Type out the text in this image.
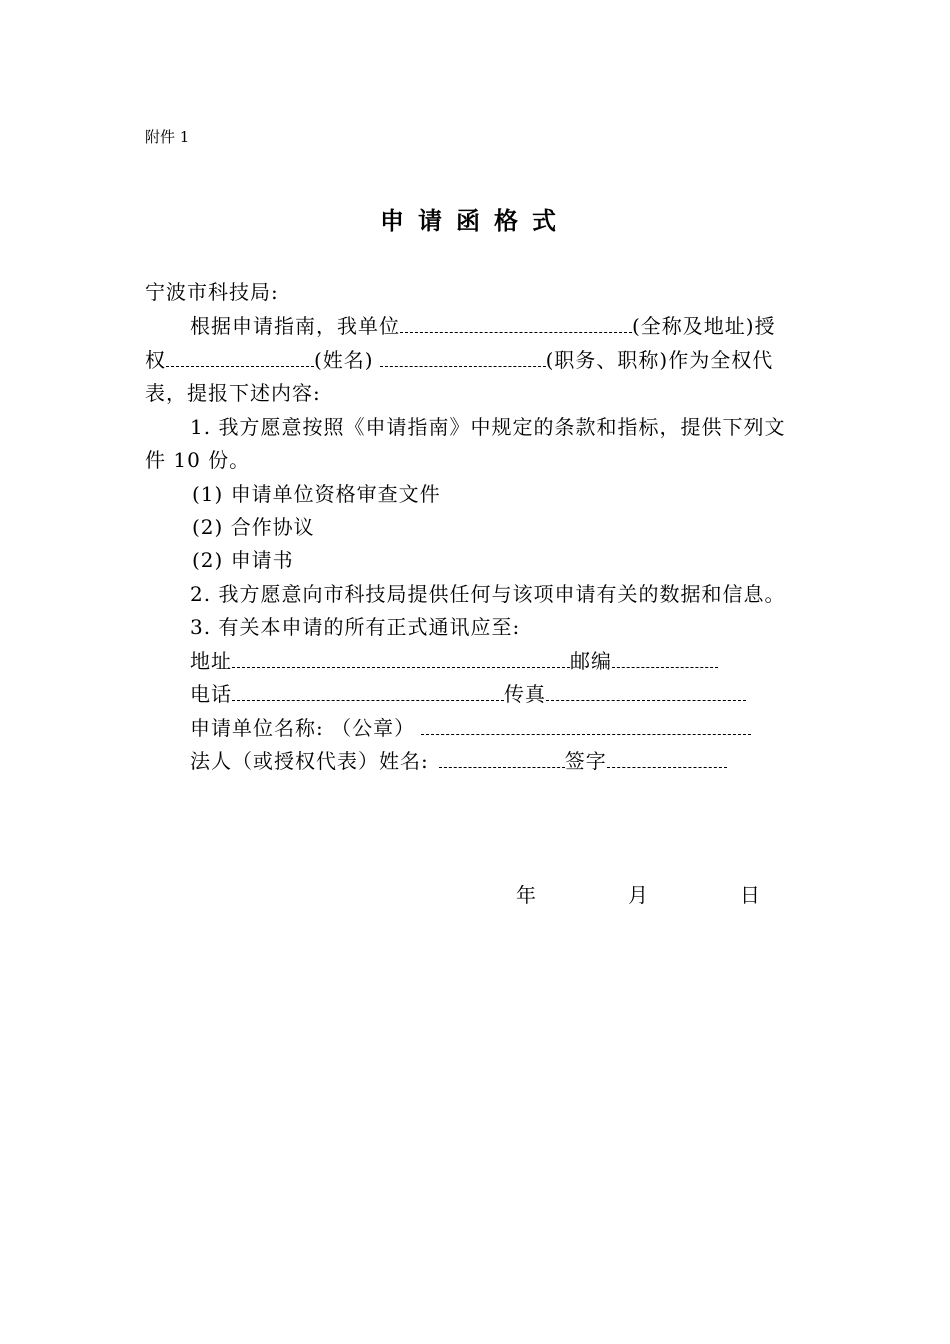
附件 1
申请函格式
宁波市科技局:
根据申请指南，我单位	(全称及地址)授
权	(姓名)	(职务、职称)作为全权代
表，提报下述内容:
1. 我方愿意按照《申请指南》中规定的条款和指标，提供下列文
件 10 份。
(1) 申请单位资格审查文件
(2) 合作协议
(2) 申请书
2. 我方愿意向市科技局提供任何与该项申请有关的数据和信息。
3. 有关本申请的所有正式通讯应至:
地址	邮编
电话	传真
申请单位名称: （公章）
法人（或授权代表）姓名:	签字
年	月	日
